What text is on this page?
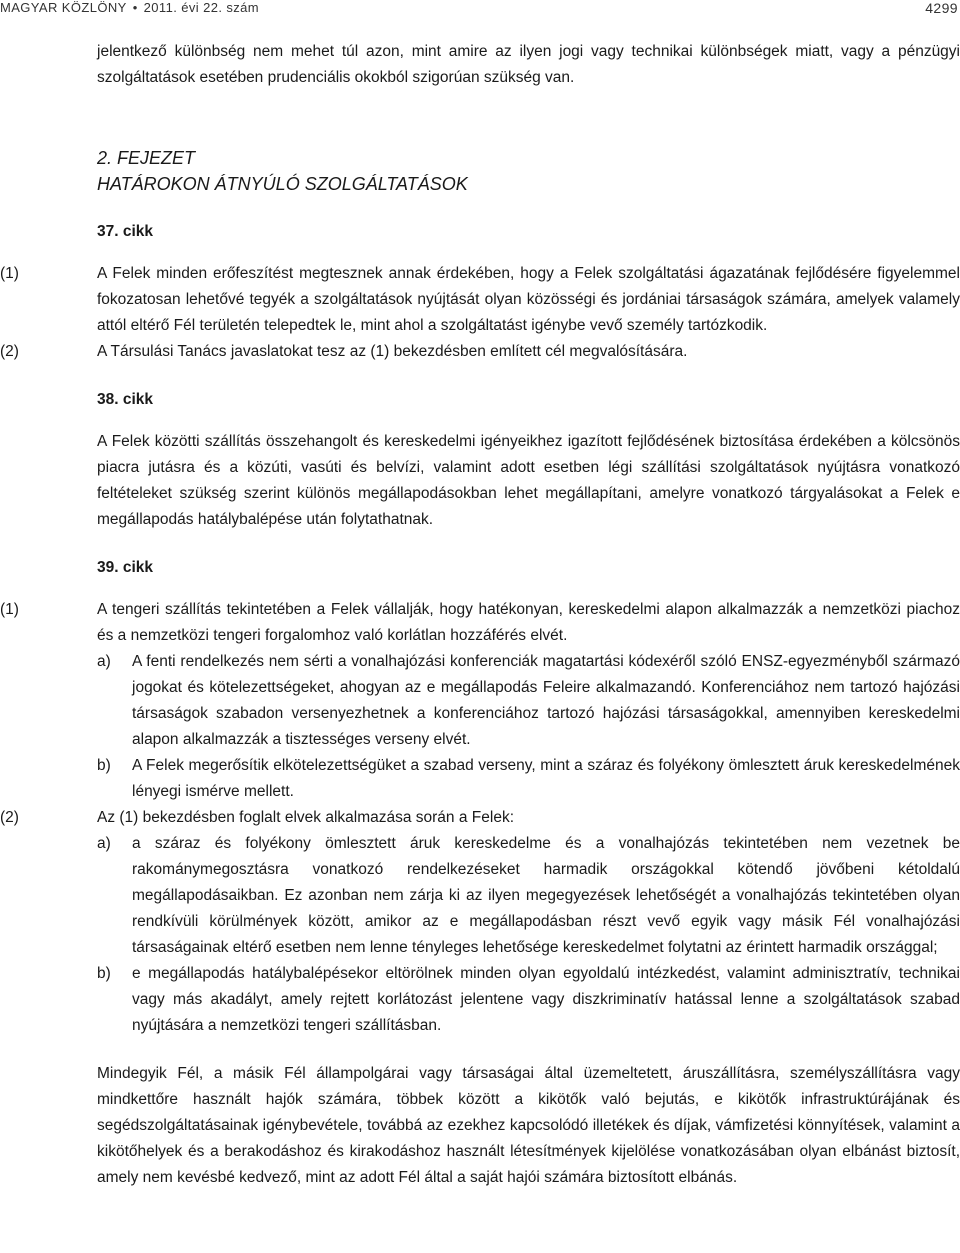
MAGYAR KÖZLÖNY • 2011. évi 22. szám	4299

jelentkező különbség nem mehet túl azon, mint amire az ilyen jogi vagy technikai különbségek miatt, vagy a pénzügyi szolgáltatások esetében prudenciális okokból szigorúan szükség van.

2. FEJEZET

HATÁROKON ÁTNYÚLÓ SZOLGÁLTATÁSOK

37. cikk

(1)	A Felek minden erőfeszítést megtesznek annak érdekében, hogy a Felek szolgáltatási ágazatának fejlődésére figyelemmel fokozatosan lehetővé tegyék a szolgáltatások nyújtását olyan közösségi és jordániai társaságok számára, amelyek valamely attól eltérő Fél területén telepedtek le, mint ahol a szolgáltatást igénybe vevő személy tartózkodik.

(2)	A Társulási Tanács javaslatokat tesz az (1) bekezdésben említett cél megvalósítására.

38. cikk

A Felek közötti szállítás összehangolt és kereskedelmi igényeikhez igazított fejlődésének biztosítása érdekében a kölcsönös piacra jutásra és a közúti, vasúti és belvízi, valamint adott esetben légi szállítási szolgáltatások nyújtásra vonatkozó feltételeket szükség szerint különös megállapodásokban lehet megállapítani, amelyre vonatkozó tárgyalásokat a Felek e megállapodás hatálybalépése után folytathatnak.

39. cikk

(1)	A tengeri szállítás tekintetében a Felek vállalják, hogy hatékonyan, kereskedelmi alapon alkalmazzák a nemzetközi piachoz és a nemzetközi tengeri forgalomhoz való korlátlan hozzáférés elvét.

a) A fenti rendelkezés nem sérti a vonalhajózási konferenciák magatartási kódexéről szóló ENSZ-egyezményből származó jogokat és kötelezettségeket, ahogyan az e megállapodás Feleire alkalmazandó. Konferenciához nem tartozó hajózási társaságok szabadon versenyezhetnek a konferenciához tartozó hajózási társaságokkal, amennyiben kereskedelmi alapon alkalmazzák a tisztességes verseny elvét.

b) A Felek megerősítik elkötelezettségüket a szabad verseny, mint a száraz és folyékony ömlesztett áruk kereskedelmének lényegi ismérve mellett.

(2)	Az (1) bekezdésben foglalt elvek alkalmazása során a Felek:

a) a száraz és folyékony ömlesztett áruk kereskedelme és a vonalhajózás tekintetében nem vezetnek be rakománymegosztásra vonatkozó rendelkezéseket harmadik országokkal kötendő jövőbeni kétoldalú megállapodásaikban. Ez azonban nem zárja ki az ilyen megegyezések lehetőségét a vonalhajózás tekintetében olyan rendkívüli körülmények között, amikor az e megállapodásban részt vevő egyik vagy másik Fél vonalhajózási társaságainak eltérő esetben nem lenne tényleges lehetősége kereskedelmet folytatni az érintett harmadik országgal;

b) e megállapodás hatálybalépésekor eltörölnek minden olyan egyoldalú intézkedést, valamint adminisztratív, technikai vagy más akadályt, amely rejtett korlátozást jelentene vagy diszkriminatív hatással lenne a szolgáltatások szabad nyújtására a nemzetközi tengeri szállításban.

Mindegyik Fél, a másik Fél állampolgárai vagy társaságai által üzemeltetett, áruszállításra, személyszállításra vagy mindkettőre használt hajók számára, többek között a kikötők való bejutás, e kikötők infrastruktúrájának és segédszolgáltatásainak igénybevétele, továbbá az ezekhez kapcsolódó illetékek és díjak, vámfizetési könnyítések, valamint a kikötőhelyek és a berakodáshoz és kirakodáshoz használt létesítmények kijelölése vonatkozásában olyan elbánást biztosít, amely nem kevésbé kedvező, mint az adott Fél által a saját hajói számára biztosított elbánás.
